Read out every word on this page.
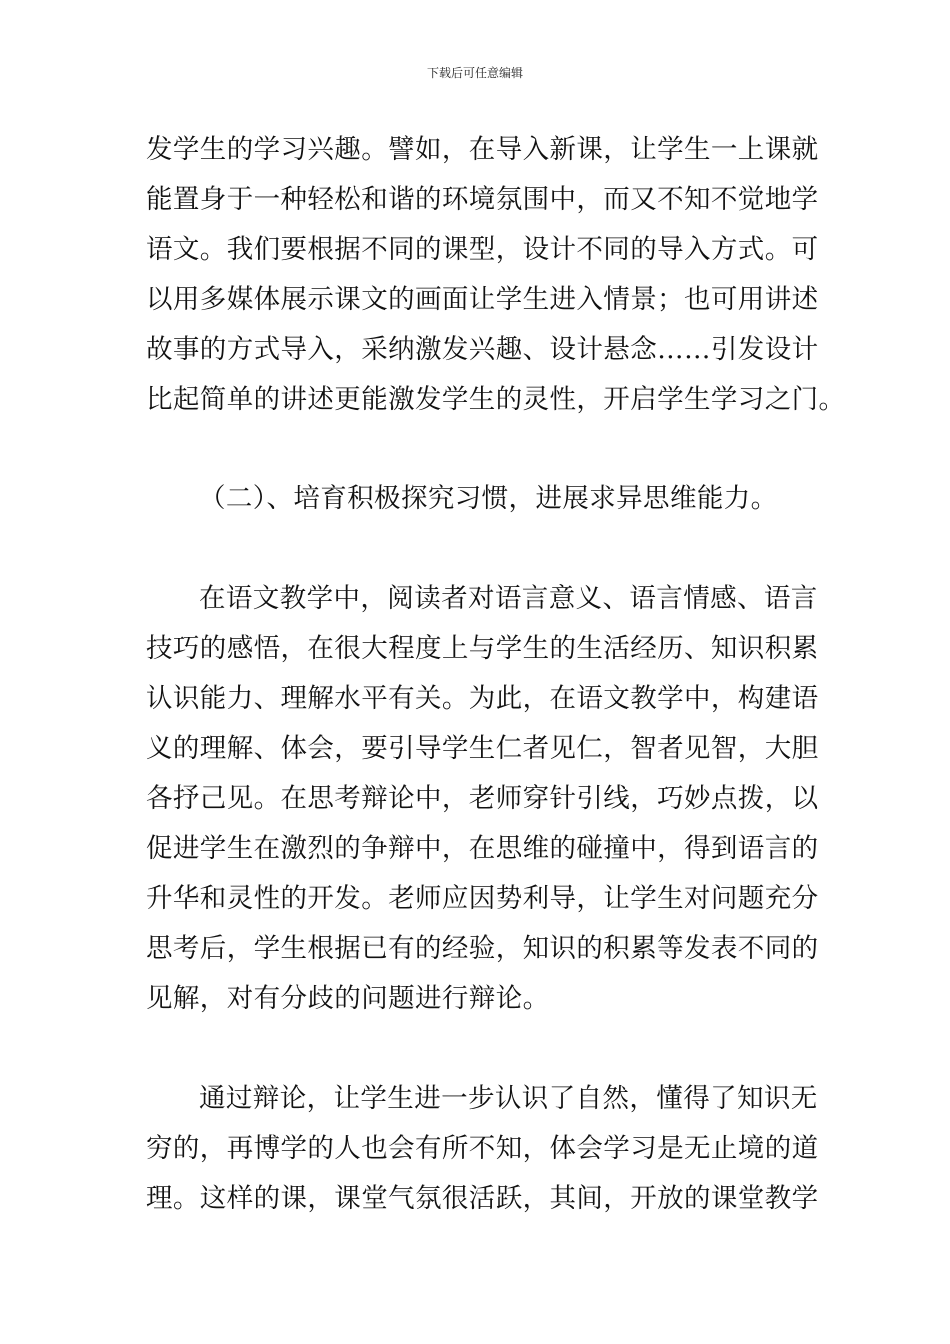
下载后可任意编辑
发学生的学习兴趣。譬如，在导入新课，让学生一上课就
能置身于一种轻松和谐的环境氛围中，而又不知不觉地学
语文。我们要根据不同的课型，设计不同的导入方式。可
以用多媒体展示课文的画面让学生进入情景；也可用讲述
故事的方式导入，采纳激发兴趣、设计悬念……引发设计
比起简单的讲述更能激发学生的灵性，开启学生学习之门。
（二）、培育积极探究习惯，进展求异思维能力。
在语文教学中，阅读者对语言意义、语言情感、语言
技巧的感悟，在很大程度上与学生的生活经历、知识积累
认识能力、理解水平有关。为此，在语文教学中，构建语
义的理解、体会，要引导学生仁者见仁，智者见智，大胆
各抒己见。在思考辩论中，老师穿针引线，巧妙点拨，以
促进学生在激烈的争辩中，在思维的碰撞中，得到语言的
升华和灵性的开发。老师应因势利导，让学生对问题充分
思考后，学生根据已有的经验，知识的积累等发表不同的
见解，对有分歧的问题进行辩论。
通过辩论，让学生进一步认识了自然，懂得了知识无
穷的，再博学的人也会有所不知，体会学习是无止境的道
理。这样的课，课堂气氛很活跃，其间，开放的课堂教学
